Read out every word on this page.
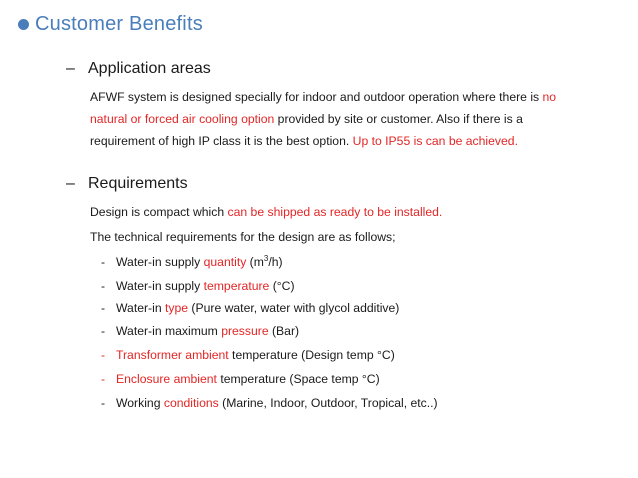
Customer Benefits
– Application areas
AFWF system is designed specially for indoor and outdoor operation where there is no natural or forced air cooling option provided by site or customer. Also if there is a requirement of high IP class it is the best option. Up to IP55 is can be achieved.
– Requirements
Design is compact which can be shipped as ready to be installed.
The technical requirements for the design are as follows;
- Water-in supply quantity $(m^3/h)$
- Water-in supply temperature (°C)
- Water-in type (Pure water, water with glycol additive)
- Water-in maximum pressure (Bar)
- Transformer ambient temperature (Design temp °C)
- Enclosure ambient temperature (Space temp °C)
- Working conditions (Marine, Indoor, Outdoor, Tropical, etc..)
